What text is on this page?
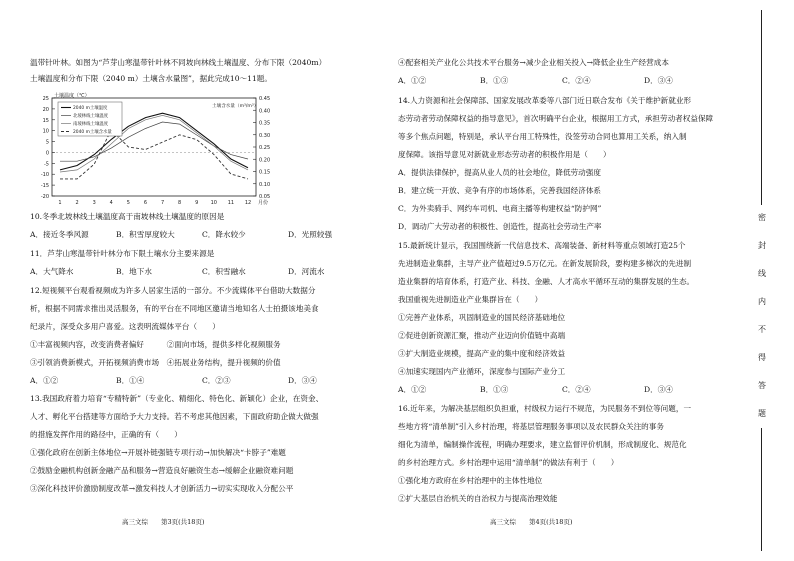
温带针叶林。如图为“芦芽山寒温带针叶林不同坡向林线土壤温度、分布下限（2040m）
土壤温度和分布下限（2040 m）土壤含水量图”，据此完成10～11题。
25
20
15
10
5
0
-5
-10
-15
-20
0.45
0.40
0.35
0.30
0.25
0.20
0.15
0.10
0.05
1	2	3	4	5	6	7	8	9 10 11 12 月份
土壤温度（℃）
土壤含水量（m³/m³）
2040 m土壤温度
北坡林线土壤温度
南坡林线土壤温度
2040 m土壤含水量
10.冬季北坡林线土壤温度高于南坡林线土壤温度的原因是
A．接近冬季风源	B．积雪厚度较大	C．降水较少	D．光照较强
11．芦芽山寒温带针叶林分布下限土壤水分主要来源是
A．大气降水	B．地下水	C．积雪融水	D．河流水
12.短视频平台观看视频成为许多人居家生活的一部分。不少流媒体平台借助大数据分
析，根据不同需求推出灵活服务，有的平台在不同地区邀请当地知名人士拍摄该地美食
纪录片，深受众多用户喜爱。这表明流媒体平台（　　）
①丰富视频内容，改变消费者偏好　　　②面向市场，提供多样化视频服务
③引领消费新模式，开拓视频消费市场　④拓展业务结构，提升视频的价值
A．①②	B．①④	C．②③	D．③④
13.我国政府着力培育“专精特新”（专业化、精细化、特色化、新颖化）企业，在资金、
人才、孵化平台搭建等方面给予大力支持。若不考虑其他因素，下面政府助企做大做强
的措施发挥作用的路径中，正确的有（　　）
①强化政府在创新主体地位→开展补链强链专项行动→加快解决“卡脖子”难题
②鼓励金融机构创新金融产品和服务→营造良好融资生态→缓解企业融资难问题
③深化科技评价激励制度改革→激发科技人才创新活力→切实实现收入分配公平
高三文综　　第3页(共18页)
④配套相关产业化公共技术平台服务→减少企业相关投入→降低企业生产经营成本
A．①②	B．①③	C．②④	D．③④
14.人力资源和社会保障部、国家发展改革委等八部门近日联合发布《关于维护新就业形
态劳动者劳动保障权益的指导意见》，首次明确平台企业，根据用工方式，承担劳动者权益保障
等多个焦点问题，特别是，承认平台用工特殊性，没签劳动合同也算用工关系，纳入制
度保障。该指导意见对新就业形态劳动者的积极作用是（　　）
A．提供法律保护，提高从业人员的社会地位，降低劳动强度
B．建立统一开放、竞争有序的市场体系，完善我国经济体系
C．为外卖骑手、网约车司机、电商主播等构建权益“防护网”
D．调动广大劳动者的积极性、创造性，提高社会劳动生产率
15.最新统计显示，我国围绕新一代信息技术、高端装备、新材料等重点领域打造25个
先进制造业集群，主导产业产值超过9.5万亿元。在新发展阶段，要构建多梯次的先进制
造业集群的培育体系，打造产业、科技、金融、人才高水平循环互动的集群发展的生态。
我国重视先进制造业产业集群旨在（　　）
①完善产业体系，巩固制造业的国民经济基础地位
②促进创新资源汇聚，推动产业迈向价值链中高端
③扩大制造业规模，提高产业的集中度和经济效益
④加速实现国内产业循环，深度参与国际产业分工
A．①②	B．①③	C．②④	D．③④
16.近年来，为解决基层组织负担重，村级权力运行不规范，为民服务不到位等问题，一
些地方将“清单制”引入乡村治理，将基层管理服务事项以及农民群众关注的事务
细化为清单，编制操作流程，明确办理要求，建立监督评价机制，形成制度化、规范化
的乡村治理方式。乡村治理中运用“清单制”的做法有利于（　　）
①强化地方政府在乡村治理中的主体性地位
②扩大基层自治机关的自治权力与提高治理效能
高三文综　　第4页(共18页)
密
封
线
内
不
得
答
题
